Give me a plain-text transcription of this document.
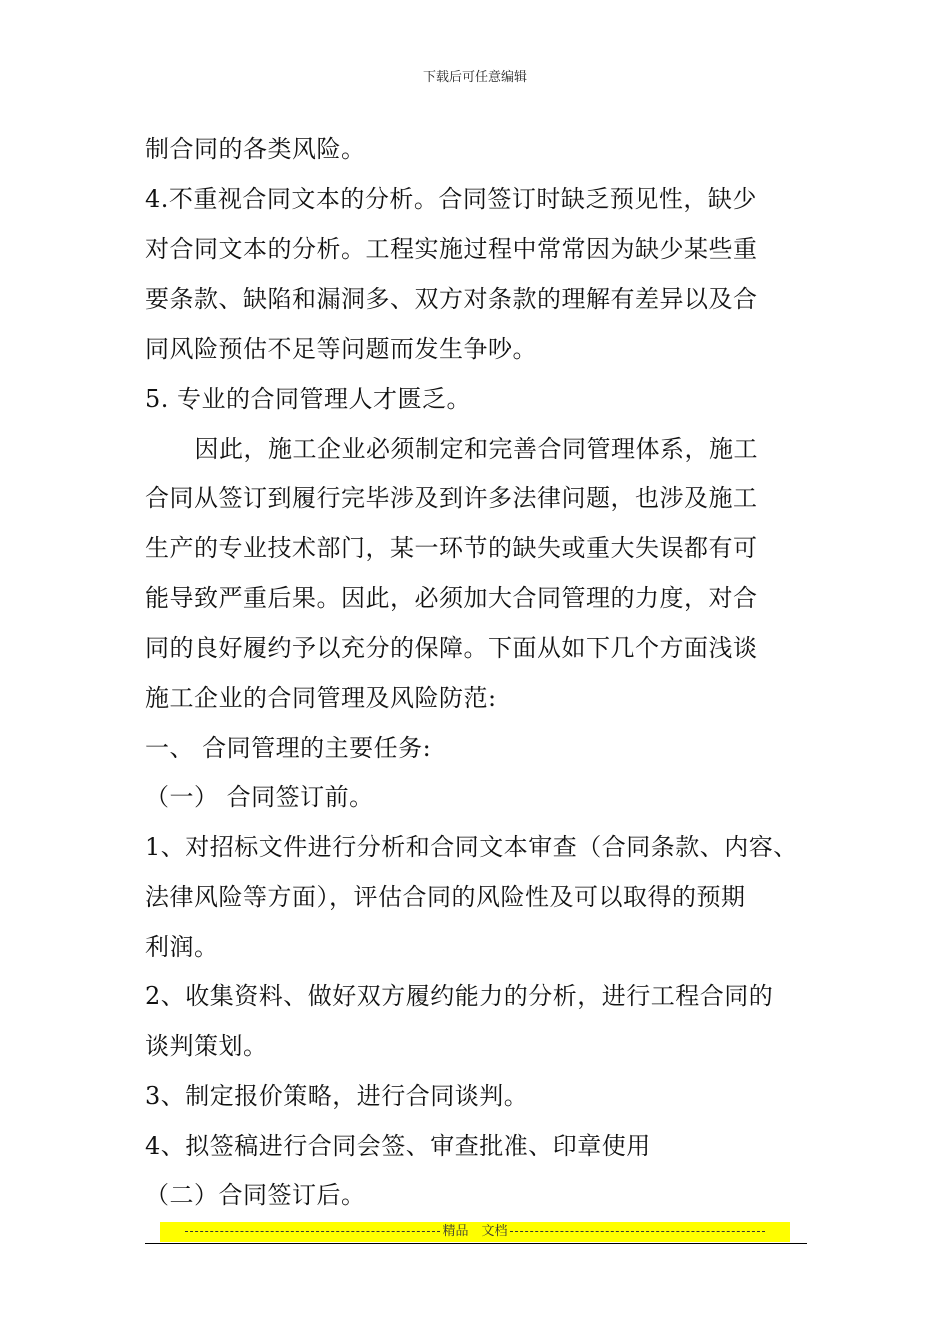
下载后可任意编辑
制合同的各类风险。
4.不重视合同文本的分析。合同签订时缺乏预见性，缺少
对合同文本的分析。工程实施过程中常常因为缺少某些重
要条款、缺陷和漏洞多、双方对条款的理解有差异以及合
同风险预估不足等问题而发生争吵。
5. 专业的合同管理人才匮乏。
　因此，施工企业必须制定和完善合同管理体系，施工
合同从签订到履行完毕涉及到许多法律问题，也涉及施工
生产的专业技术部门，某一环节的缺失或重大失误都有可
能导致严重后果。因此，必须加大合同管理的力度，对合
同的良好履约予以充分的保障。下面从如下几个方面浅谈
施工企业的合同管理及风险防范:
一、 合同管理的主要任务:
（一） 合同签订前。
1、对招标文件进行分析和合同文本审查（合同条款、内容、
法律风险等方面），评估合同的风险性及可以取得的预期
利润。
2、收集资料、做好双方履约能力的分析，进行工程合同的
谈判策划。
3、制定报价策略，进行合同谈判。
4、拟签稿进行合同会签、审查批准、印章使用
（二）合同签订后。
精品　文档
